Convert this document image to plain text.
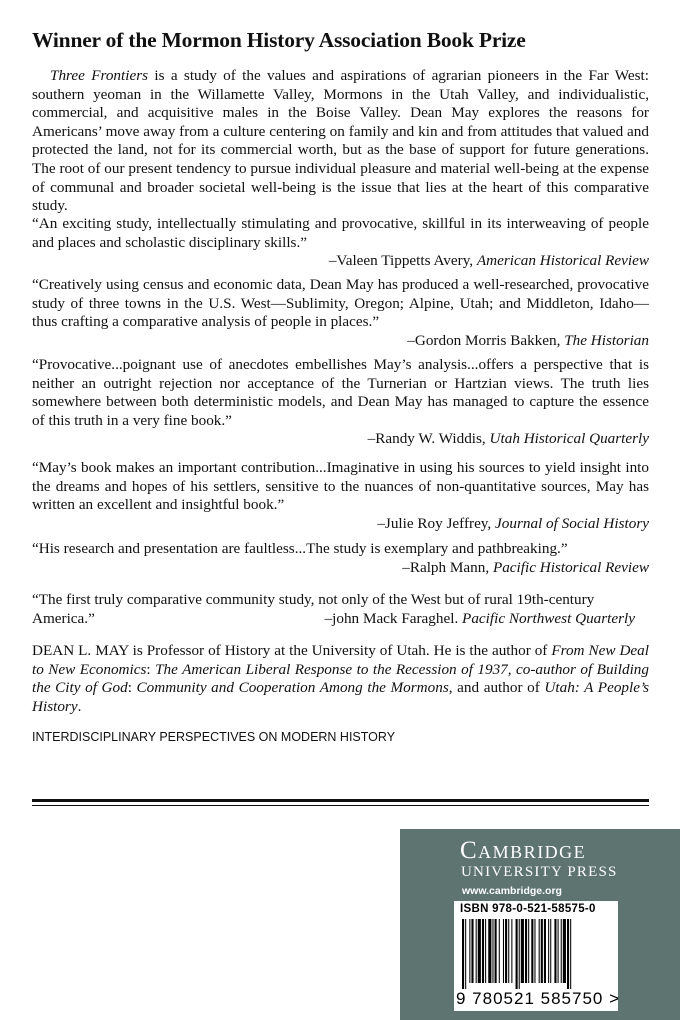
Winner of the Mormon History Association Book Prize
Three Frontiers is a study of the values and aspirations of agrarian pioneers in the Far West: southern yeoman in the Willamette Valley, Mormons in the Utah Valley, and individualistic, commercial, and acquisitive males in the Boise Valley. Dean May explores the reasons for Americans’ move away from a culture centering on family and kin and from attitudes that valued and protected the land, not for its commercial worth, but as the base of support for future generations. The root of our present tendency to pursue individual pleasure and material well-being at the expense of communal and broader societal well-being is the issue that lies at the heart of this comparative study.
“An exciting study, intellectually stimulating and provocative, skillful in its interweaving of people and places and scholastic disciplinary skills.”
–Valeen Tippetts Avery, American Historical Review
“Creatively using census and economic data, Dean May has produced a well-researched, provocative study of three towns in the U.S. West—Sublimity, Oregon; Alpine, Utah; and Middleton, Idaho—thus crafting a comparative analysis of people in places.”
–Gordon Morris Bakken, The Historian
“Provocative...poignant use of anecdotes embellishes May’s analysis...offers a perspective that is neither an outright rejection nor acceptance of the Turnerian or Hartzian views. The truth lies somewhere between both deterministic models, and Dean May has managed to capture the essence of this truth in a very fine book.”
–Randy W. Widdis, Utah Historical Quarterly
“May’s book makes an important contribution...Imaginative in using his sources to yield insight into the dreams and hopes of his settlers, sensitive to the nuances of non-quantitative sources, May has written an excellent and insightful book.”
–Julie Roy Jeffrey, Journal of Social History
“His research and presentation are faultless...The study is exemplary and pathbreaking.”
–Ralph Mann, Pacific Historical Review
“The first truly comparative community study, not only of the West but of rural 19th-century
America.”	–john Mack Faraghel. Pacific Northwest Quarterly
DEAN L. MAY is Professor of History at the University of Utah. He is the author of From New Deal to New Economics: The American Liberal Response to the Recession of 1937, co-author of Building the City of God: Community and Cooperation Among the Mormons, and author of Utah: A People’s History.
INTERDISCIPLINARY PERSPECTIVES ON MODERN HISTORY
Cambridge
UNIVERSITY PRESS
www.cambridge.org
ISBN 978-0-521-58575-0
9 780521 585750 >
